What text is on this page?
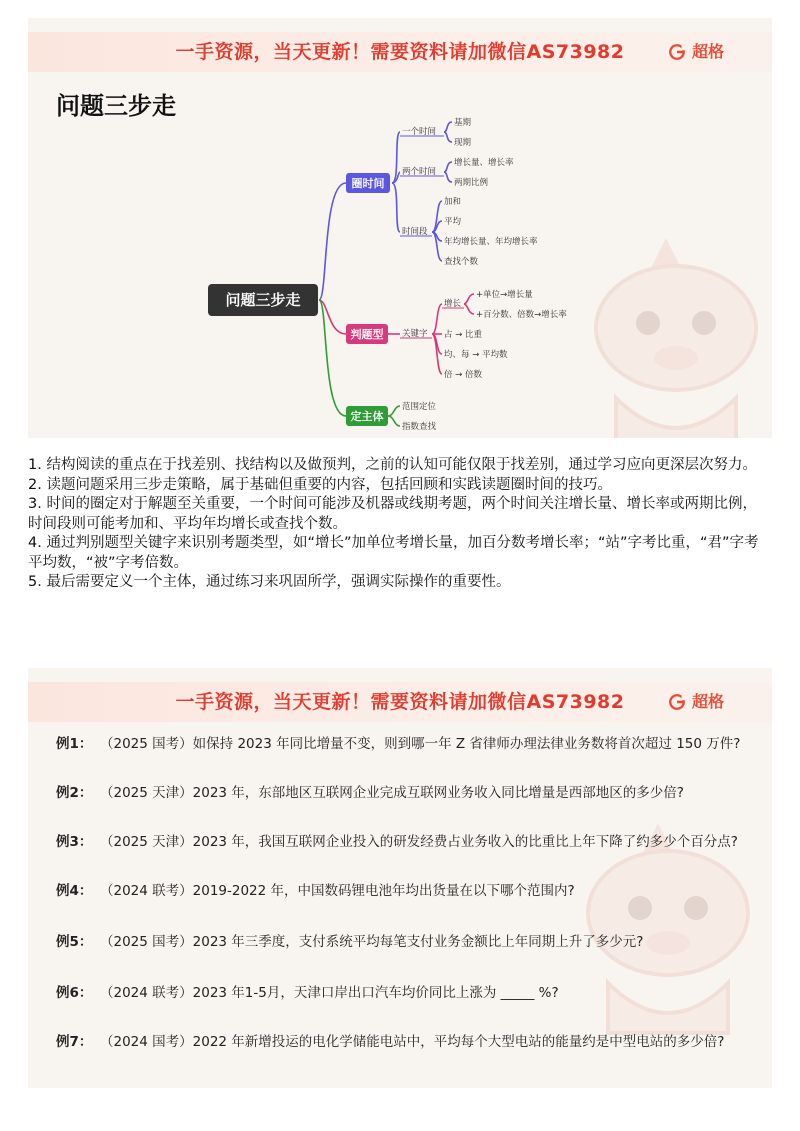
一手资源，当天更新！需要资料请加微信AS73982	超格
问题三步走
问题三步走
圈时间
判题型
定主体
一个时间
基期
现期
两个时间
增长量、增长率
两期比例
时间段
加和
平均
年均增长量、年均增长率
查找个数
关键字
增长
+单位→增长量
+百分数、倍数→增长率
占 → 比重
均、每 → 平均数
倍 → 倍数
范围定位
指数查找

1. 结构阅读的重点在于找差别、找结构以及做预判，之前的认知可能仅限于找差别，通过学习应向更深层次努力。

2. 读题问题采用三步走策略，属于基础但重要的内容，包括回顾和实践读题圈时间的技巧。

3. 时间的圈定对于解题至关重要，一个时间可能涉及机器或线期考题，两个时间关注增长量、增长率或两期比例，时间段则可能考加和、平均年均增长或查找个数。

4. 通过判别题型关键字来识别考题类型，如“增长”加单位考增长量，加百分数考增长率；“站”字考比重，“君”字考平均数，“被”字考倍数。

5. 最后需要定义一个主体，通过练习来巩固所学，强调实际操作的重要性。

一手资源，当天更新！需要资料请加微信AS73982	超格
例1： （2025 国考）如保持 2023 年同比增量不变，则到哪一年 Z 省律师办理法律业务数将首次超过 150 万件?
例2： （2025 天津）2023 年，东部地区互联网企业完成互联网业务收入同比增量是西部地区的多少倍?
例3： （2025 天津）2023 年，我国互联网企业投入的研发经费占业务收入的比重比上年下降了约多少个百分点?
例4： （2024 联考）2019-2022 年，中国数码锂电池年均出货量在以下哪个范围内?
例5： （2025 国考）2023 年三季度，支付系统平均每笔支付业务金额比上年同期上升了多少元?
例6： （2024 联考）2023 年1-5月，天津口岸出口汽车均价同比上涨为 _____ %?
例7： （2024 国考）2022 年新增投运的电化学储能电站中，平均每个大型电站的能量约是中型电站的多少倍?
